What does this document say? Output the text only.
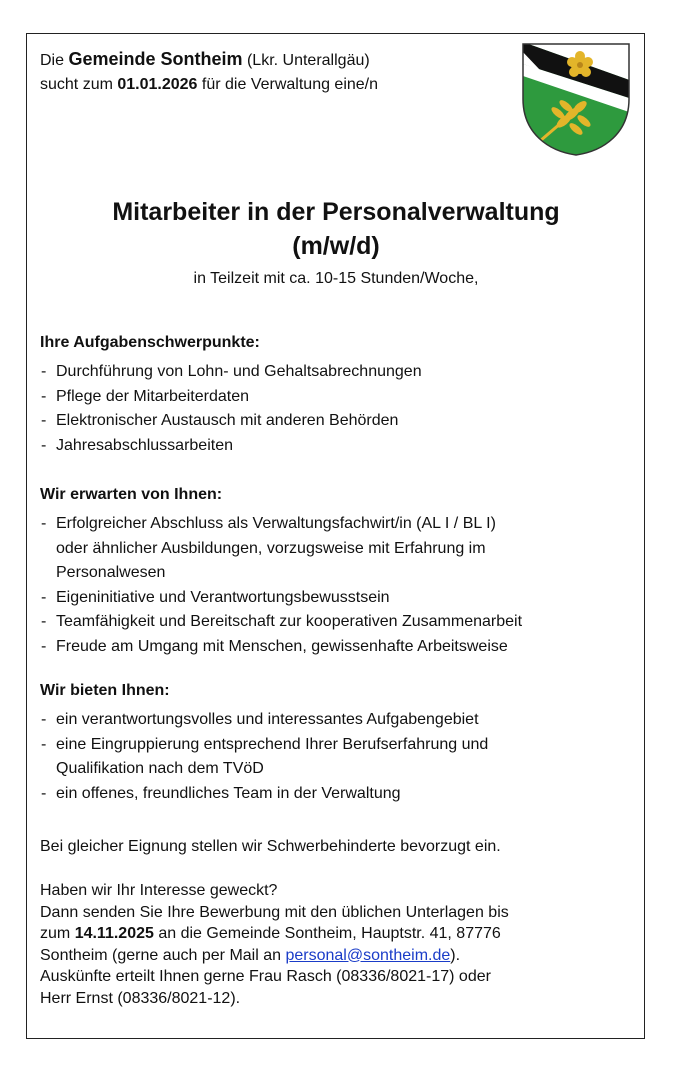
Die Gemeinde Sontheim (Lkr. Unterallgäu)
sucht zum 01.01.2026 für die Verwaltung eine/n
Mitarbeiter in der Personalverwaltung
(m/w/d)
in Teilzeit mit ca. 10-15 Stunden/Woche,
Ihre Aufgabenschwerpunkte:
- Durchführung von Lohn- und Gehaltsabrechnungen
- Pflege der Mitarbeiterdaten
- Elektronischer Austausch mit anderen Behörden
- Jahresabschlussarbeiten
Wir erwarten von Ihnen:
- Erfolgreicher Abschluss als Verwaltungsfachwirt/in (AL I / BL I)
oder ähnlicher Ausbildungen, vorzugsweise mit Erfahrung im
Personalwesen
- Eigeninitiative und Verantwortungsbewusstsein
- Teamfähigkeit und Bereitschaft zur kooperativen Zusammenarbeit
- Freude am Umgang mit Menschen, gewissenhafte Arbeitsweise
Wir bieten Ihnen:
- ein verantwortungsvolles und interessantes Aufgabengebiet
- eine Eingruppierung entsprechend Ihrer Berufserfahrung und
Qualifikation nach dem TVöD
- ein offenes, freundliches Team in der Verwaltung
Bei gleicher Eignung stellen wir Schwerbehinderte bevorzugt ein.
Haben wir Ihr Interesse geweckt?
Dann senden Sie Ihre Bewerbung mit den üblichen Unterlagen bis
zum 14.11.2025 an die Gemeinde Sontheim, Hauptstr. 41, 87776
Sontheim (gerne auch per Mail an personal@sontheim.de).
Auskünfte erteilt Ihnen gerne Frau Rasch (08336/8021-17) oder
Herr Ernst (08336/8021-12).
